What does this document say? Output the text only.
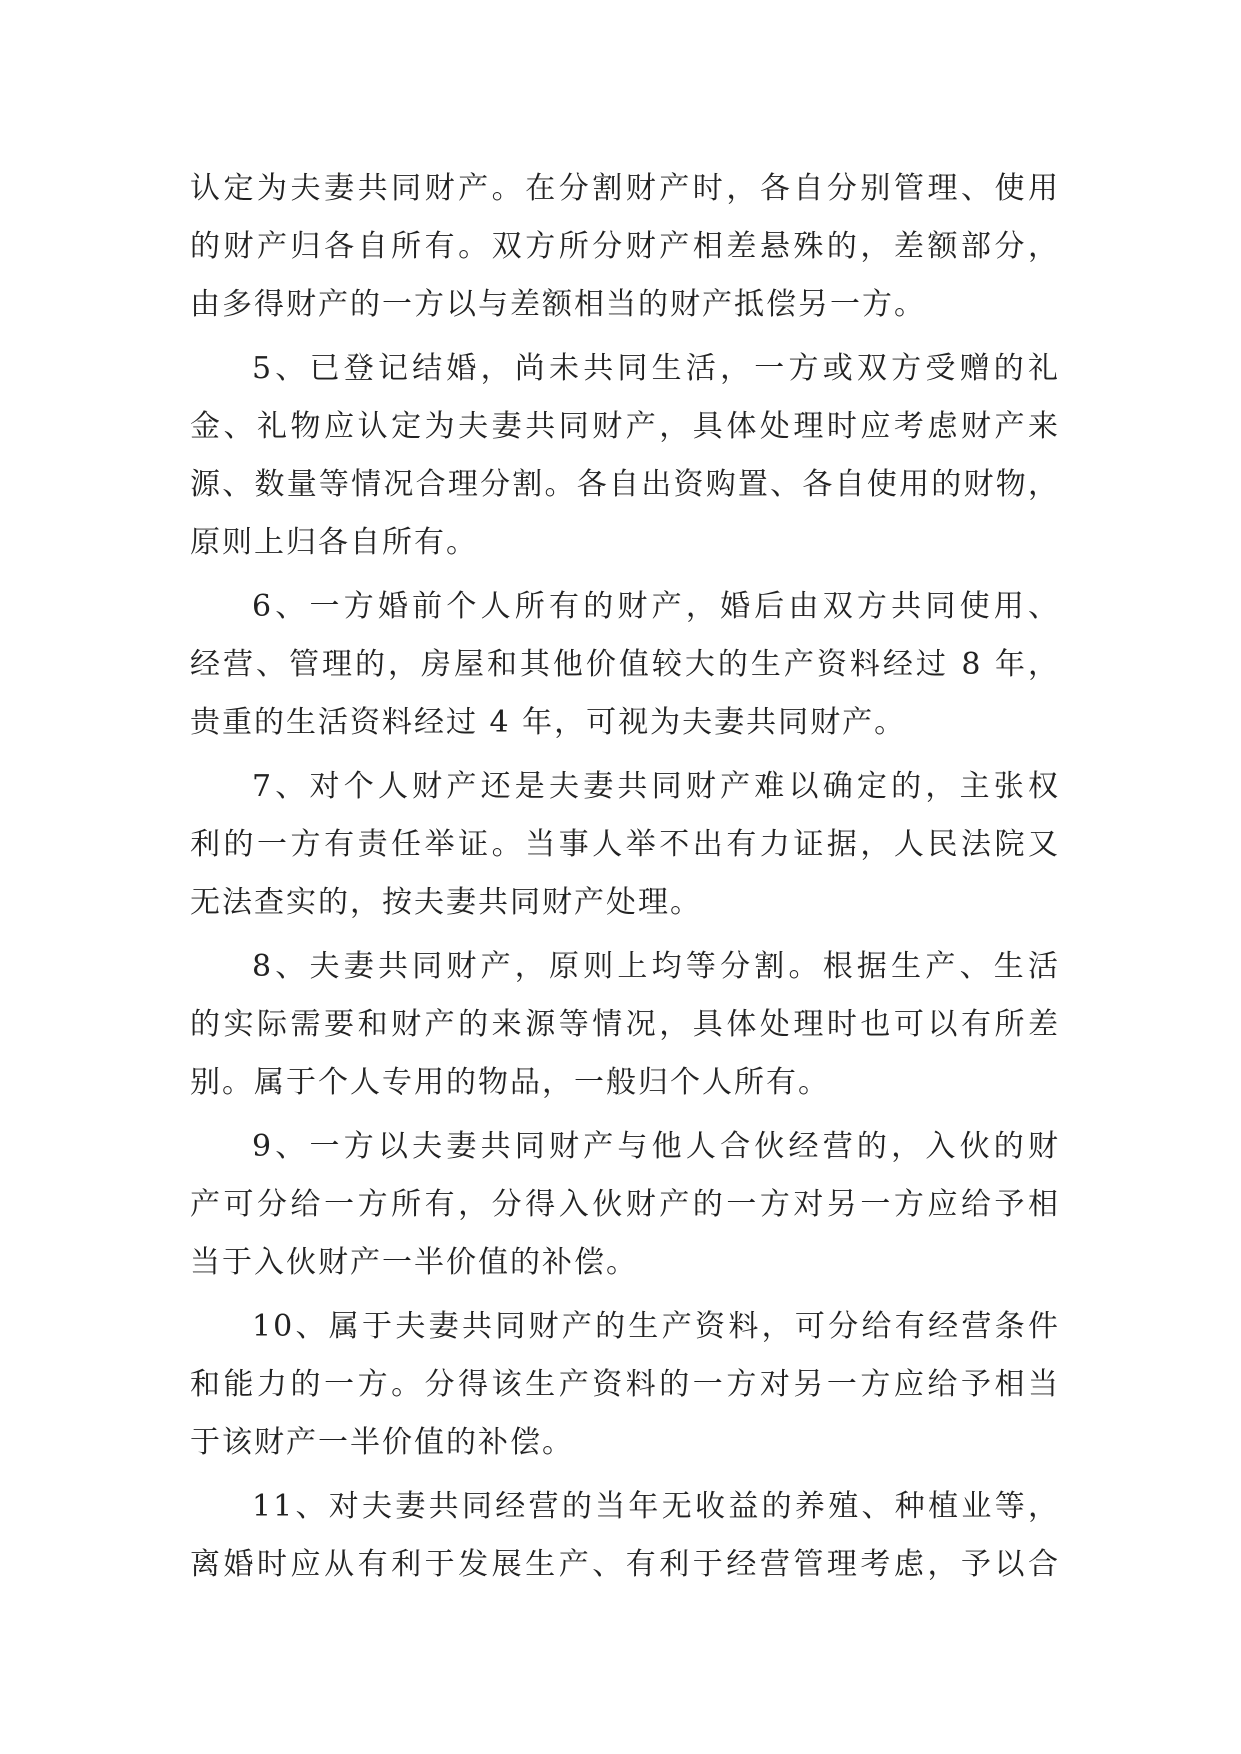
认定为夫妻共同财产。在分割财产时，各自分别管理、使用
的财产归各自所有。双方所分财产相差悬殊的，差额部分，
由多得财产的一方以与差额相当的财产抵偿另一方。
5、已登记结婚，尚未共同生活，一方或双方受赠的礼
金、礼物应认定为夫妻共同财产，具体处理时应考虑财产来
源、数量等情况合理分割。各自出资购置、各自使用的财物，
原则上归各自所有。
6、一方婚前个人所有的财产，婚后由双方共同使用、
经营、管理的，房屋和其他价值较大的生产资料经过 8 年，
贵重的生活资料经过 4 年，可视为夫妻共同财产。
7、对个人财产还是夫妻共同财产难以确定的，主张权
利的一方有责任举证。当事人举不出有力证据，人民法院又
无法查实的，按夫妻共同财产处理。
8、夫妻共同财产，原则上均等分割。根据生产、生活
的实际需要和财产的来源等情况，具体处理时也可以有所差
别。属于个人专用的物品，一般归个人所有。
9、一方以夫妻共同财产与他人合伙经营的，入伙的财
产可分给一方所有，分得入伙财产的一方对另一方应给予相
当于入伙财产一半价值的补偿。
10、属于夫妻共同财产的生产资料，可分给有经营条件
和能力的一方。分得该生产资料的一方对另一方应给予相当
于该财产一半价值的补偿。
11、对夫妻共同经营的当年无收益的养殖、种植业等，
离婚时应从有利于发展生产、有利于经营管理考虑，予以合
